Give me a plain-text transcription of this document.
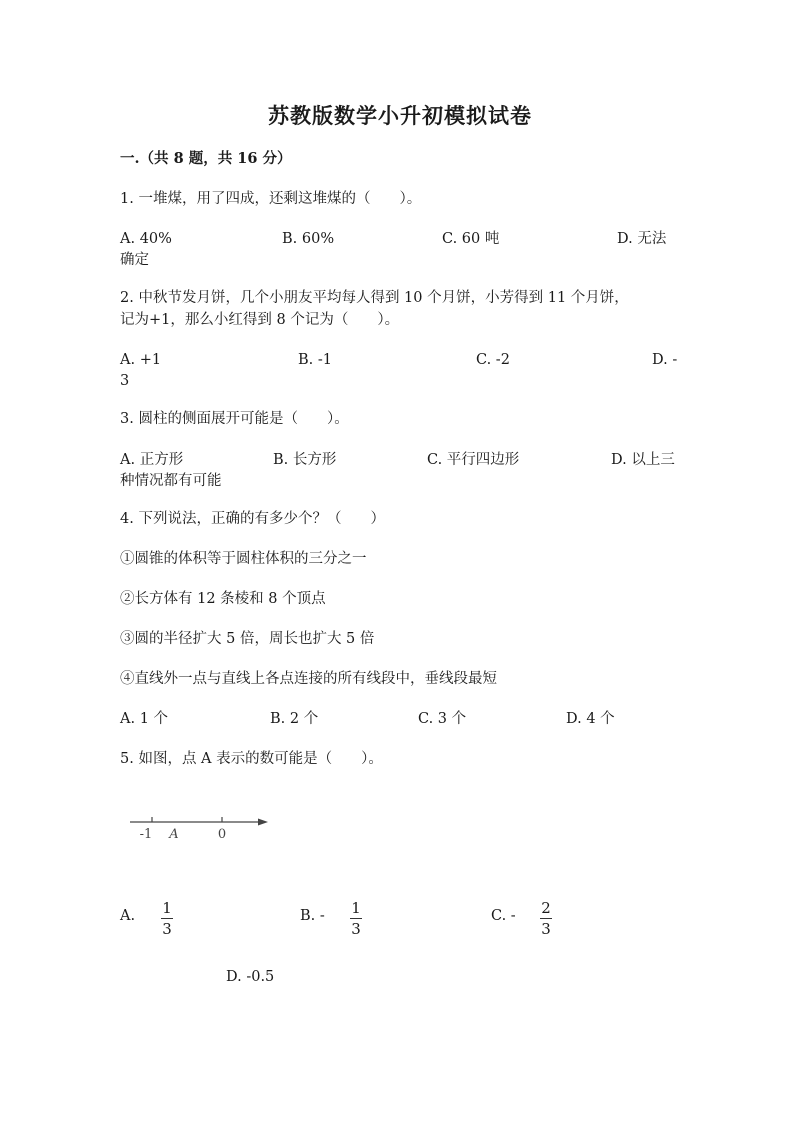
苏教版数学小升初模拟试卷
一.（共 8 题，共 16 分）
1. 一堆煤，用了四成，还剩这堆煤的（　　）。
A. 40%	B. 60%	C. 60 吨	D. 无法
确定
2. 中秋节发月饼，几个小朋友平均每人得到 10 个月饼，小芳得到 11 个月饼，
记为+1，那么小红得到 8 个记为（　　）。
A. +1	B. -1	C. -2	D. -
3
3. 圆柱的侧面展开可能是（　　）。
A. 正方形	B. 长方形	C. 平行四边形	D. 以上三
种情况都有可能
4. 下列说法，正确的有多少个？（　　）
①圆锥的体积等于圆柱体积的三分之一
②长方体有 12 条棱和 8 个顶点
③圆的半径扩大 5 倍，周长也扩大 5 倍
④直线外一点与直线上各点连接的所有线段中，垂线段最短
A. 1 个	B. 2 个	C. 3 个	D. 4 个
5. 如图，点 A 表示的数可能是（　　）。
-1 A	0
A. 1
3
B. - 1
3
C. - 2
3
D. -0.5
